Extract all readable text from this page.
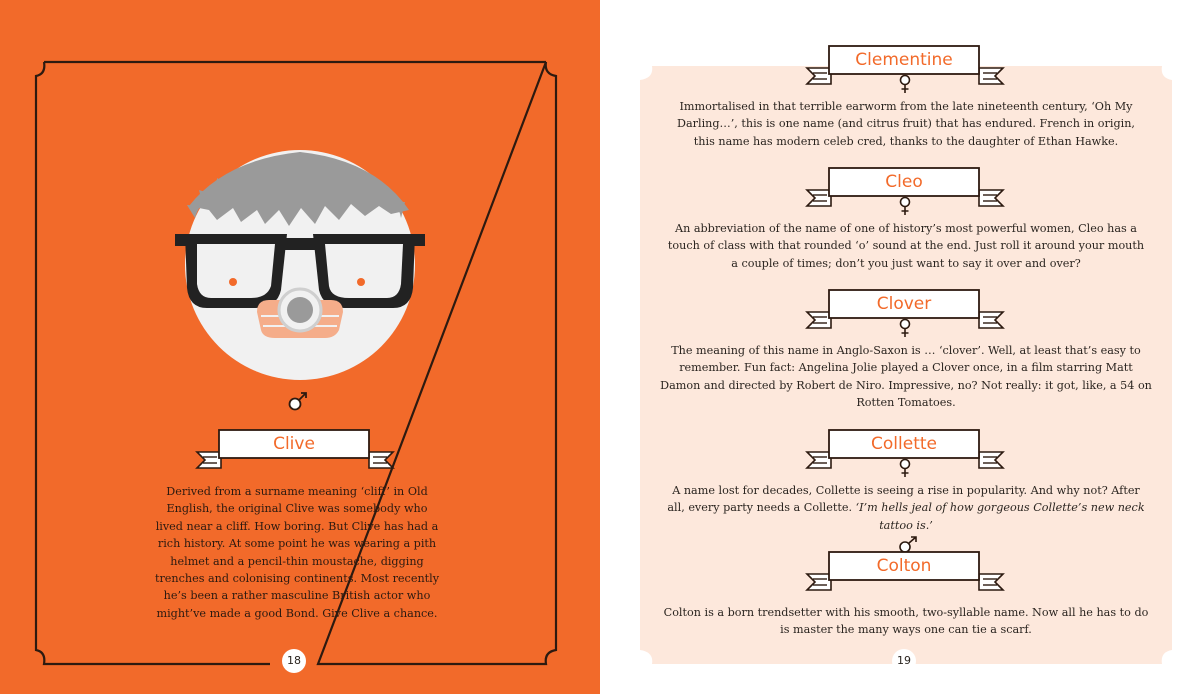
Clive

Derived from a surname meaning ‘cliff’ in Old English, the original Clive was somebody who lived near a cliff. How boring. But Clive has had a rich history. At some point he was wearing a pith helmet and a pencil-thin moustache, digging trenches and colonising continents. Most recently he’s been a rather masculine British actor who might’ve made a good Bond. Give Clive a chance.

18
Clementine

Immortalised in that terrible earworm from the late nineteenth century, ‘Oh My Darling…’, this is one name (and citrus fruit) that has endured. French in origin, this name has modern celeb cred, thanks to the daughter of Ethan Hawke.

Cleo

An abbreviation of the name of one of history’s most powerful women, Cleo has a touch of class with that rounded ‘o’ sound at the end. Just roll it around your mouth a couple of times; don’t you just want to say it over and over?

Clover

The meaning of this name in Anglo-Saxon is … ‘clover’. Well, at least that’s easy to remember. Fun fact: Angelina Jolie played a Clover once, in a film starring Matt Damon and directed by Robert de Niro. Impressive, no? Not really: it got, like, a 54 on Rotten Tomatoes.

Collette
A name lost for decades, Collette is seeing a rise in popularity. And why not? After all, every party needs a Collette. ‘I’m hells jeal of how gorgeous Collette’s new neck tattoo is.’
Colton

Colton is a born trendsetter with his smooth, two-syllable name. Now all he has to do is master the many ways one can tie a scarf.

19
